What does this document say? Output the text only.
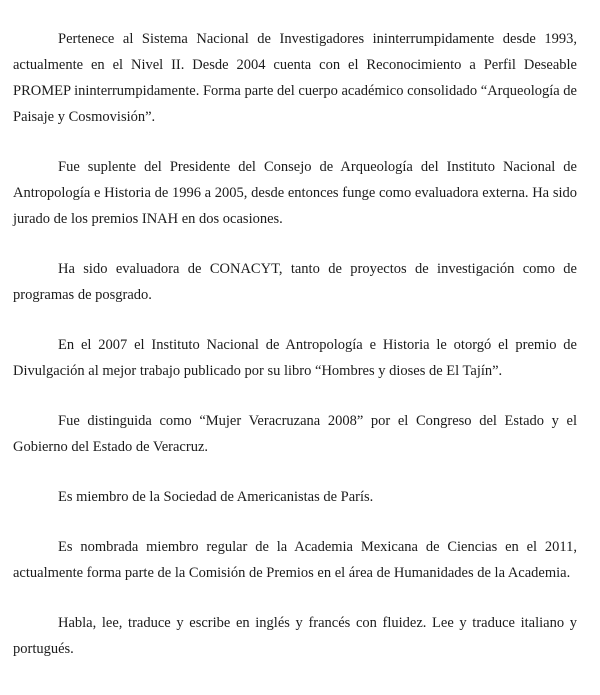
Pertenece al Sistema Nacional de Investigadores ininterrumpidamente desde 1993, actualmente en el Nivel II. Desde 2004 cuenta con el Reconocimiento a Perfil Deseable PROMEP ininterrumpidamente. Forma parte del cuerpo académico consolidado “Arqueología de Paisaje y Cosmovisión”.

Fue suplente del Presidente del Consejo de Arqueología del Instituto Nacional de Antropología e Historia de 1996 a 2005, desde entonces funge como evaluadora externa. Ha sido jurado de los premios INAH en dos ocasiones.

Ha sido evaluadora de CONACYT, tanto de proyectos de investigación como de programas de posgrado.

En el 2007 el Instituto Nacional de Antropología e Historia le otorgó el premio de Divulgación al mejor trabajo publicado por su libro “Hombres y dioses de El Tajín”.

Fue distinguida como “Mujer Veracruzana 2008” por el Congreso del Estado y el Gobierno del Estado de Veracruz.

Es miembro de la Sociedad de Americanistas de París.

Es nombrada miembro regular de la Academia Mexicana de Ciencias en el 2011, actualmente forma parte de la Comisión de Premios en el área de Humanidades de la Academia.

Habla, lee, traduce y escribe en inglés y francés con fluidez. Lee y traduce italiano y portugués.
